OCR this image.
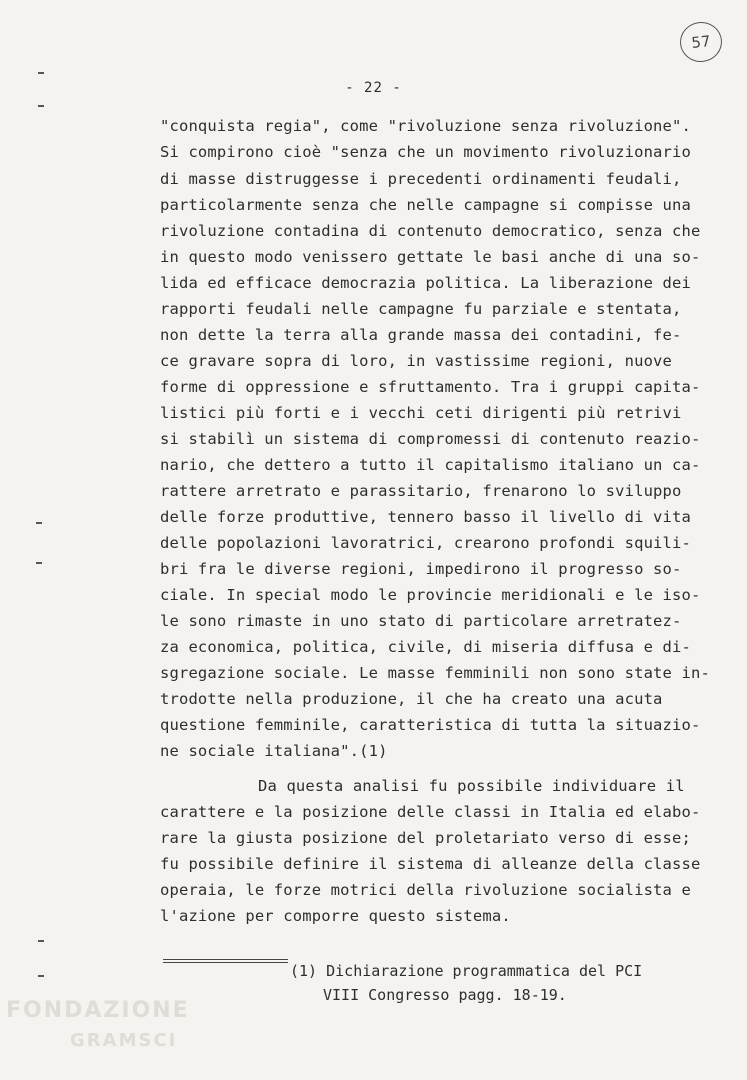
57
- 22 -
"conquista regia", come "rivoluzione senza rivoluzione".
Si compirono cioè "senza che un movimento rivoluzionario
di masse distruggesse i precedenti ordinamenti feudali,
particolarmente senza che nelle campagne si compisse una
rivoluzione contadina di contenuto democratico, senza che
in questo modo venissero gettate le basi anche di una so-
lida ed efficace democrazia politica. La liberazione dei
rapporti feudali nelle campagne fu parziale e stentata,
non dette la terra alla grande massa dei contadini, fe-
ce gravare sopra di loro, in vastissime regioni, nuove
forme di oppressione e sfruttamento. Tra i gruppi capita-
listici più forti e i vecchi ceti dirigenti più retrivi
si stabilì un sistema di compromessi di contenuto reazio-
nario, che dettero a tutto il capitalismo italiano un ca-
rattere arretrato e parassitario, frenarono lo sviluppo
delle forze produttive, tennero basso il livello di vita
delle popolazioni lavoratrici, crearono profondi squili-
bri fra le diverse regioni, impedirono il progresso so-
ciale. In special modo le provincie meridionali e le iso-
le sono rimaste in uno stato di particolare arretratez-
za economica, politica, civile, di miseria diffusa e di-
sgregazione sociale. Le masse femminili non sono state in-
trodotte nella produzione, il che ha creato una acuta
questione femminile, caratteristica di tutta la situazio-
ne sociale italiana".(1)
Da questa analisi fu possibile individuare il
carattere e la posizione delle classi in Italia ed elabo-
rare la giusta posizione del proletariato verso di esse;
fu possibile definire il sistema di alleanze della classe
operaia, le forze motrici della rivoluzione socialista e
l'azione per comporre questo sistema.
(1) Dichiarazione programmatica del PCI
VIII Congresso pagg. 18-19.
FONDAZIONE
GRAMSCI
